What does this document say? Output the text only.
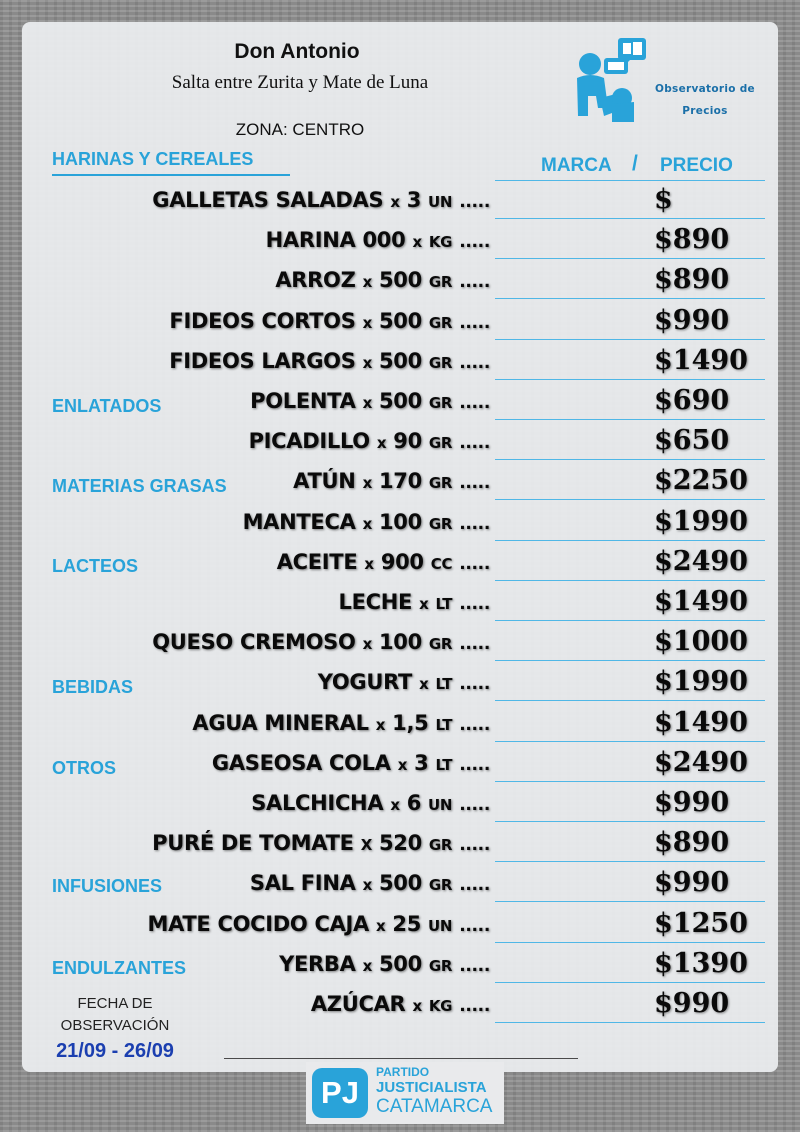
Don Antonio
Salta entre Zurita y Mate de Luna
ZONA: CENTRO
Observatorio de
Precios
MARCA / PRECIO
HARINAS Y CEREALES
ENLATADOS
MATERIAS GRASAS
LACTEOS
BEBIDAS
OTROS
INFUSIONES
ENDULZANTES
GALLETAS SALADAS x 3 UN .....	$
HARINA 000 x KG .....	$890
ARROZ x 500 GR .....	$890
FIDEOS CORTOS x 500 GR .....	$990
FIDEOS LARGOS x 500 GR .....	$1490
POLENTA x 500 GR .....	$690
PICADILLO x 90 GR .....	$650
ATÚN x 170 GR .....	$2250
MANTECA x 100 GR .....	$1990
ACEITE x 900 CC .....	$2490
LECHE x LT .....	$1490
QUESO CREMOSO x 100 GR .....	$1000
YOGURT x LT .....	$1990
AGUA MINERAL x 1,5 LT .....	$1490
GASEOSA COLA x 3 LT .....	$2490
SALCHICHA x 6 UN .....	$990
PURÉ DE TOMATE X 520 GR .....	$890
SAL FINA x 500 GR .....	$990
MATE COCIDO CAJA x 25 UN .....	$1250
YERBA x 500 GR .....	$1390
AZÚCAR x KG .....	$990
FECHA DE
OBSERVACIÓN
21/09 - 26/09
PJ
PARTIDO
JUSTICIALISTA
CATAMARCA
